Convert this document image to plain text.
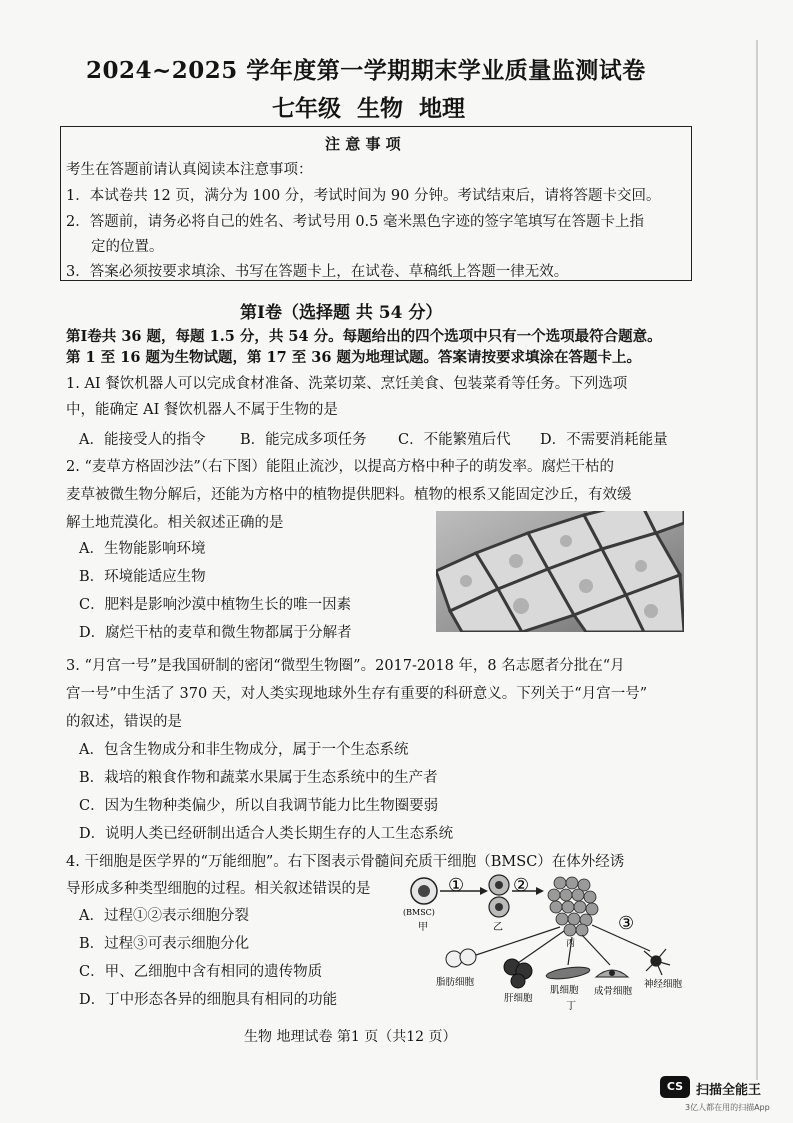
2024~2025 学年度第一学期期末学业质量监测试卷
七年级 生物 地理
注 意 事 项
考生在答题前请认真阅读本注意事项：
1．本试卷共 12 页，满分为 100 分，考试时间为 90 分钟。考试结束后，请将答题卡交回。
2．答题前，请务必将自己的姓名、考试号用 0.5 毫米黑色字迹的签字笔填写在答题卡上指
定的位置。
3．答案必须按要求填涂、书写在答题卡上，在试卷、草稿纸上答题一律无效。
第Ⅰ卷（选择题 共 54 分）
第Ⅰ卷共 36 题，每题 1.5 分，共 54 分。每题给出的四个选项中只有一个选项最符合题意。
第 1 至 16 题为生物试题，第 17 至 36 题为地理试题。答案请按要求填涂在答题卡上。
1. AI 餐饮机器人可以完成食材准备、洗菜切菜、烹饪美食、包装菜肴等任务。下列选项
中，能确定 AI 餐饮机器人不属于生物的是
A．能接受人的指令 B．能完成多项任务 C．不能繁殖后代 D．不需要消耗能量
2. “麦草方格固沙法”（右下图）能阻止流沙，以提高方格中种子的萌发率。腐烂干枯的
麦草被微生物分解后，还能为方格中的植物提供肥料。植物的根系又能固定沙丘，有效缓
解土地荒漠化。相关叙述正确的是
A．生物能影响环境
B．环境能适应生物
C．肥料是影响沙漠中植物生长的唯一因素
D．腐烂干枯的麦草和微生物都属于分解者
3. “月宫一号”是我国研制的密闭“微型生物圈”。2017-2018 年，8 名志愿者分批在“月
宫一号”中生活了 370 天，对人类实现地球外生存有重要的科研意义。下列关于“月宫一号”
的叙述，错误的是
A．包含生物成分和非生物成分，属于一个生态系统
B．栽培的粮食作物和蔬菜水果属于生态系统中的生产者
C．因为生物种类偏少，所以自我调节能力比生物圈要弱
D．说明人类已经研制出适合人类长期生存的人工生态系统
4. 干细胞是医学界的“万能细胞”。右下图表示骨髓间充质干细胞（BMSC）在体外经诱
导形成多种类型细胞的过程。相关叙述错误的是
A．过程①②表示细胞分裂
B．过程③可表示细胞分化
C．甲、乙细胞中含有相同的遗传物质
D．丁中形态各异的细胞具有相同的功能
(BMSC)
甲
①
乙
②
丙
③
脂肪细胞
肝细胞
肌细胞
丁
成骨细胞
神经细胞
生物 地理试卷 第1 页（共12 页）
CS 扫描全能王
3亿人都在用的扫描App
